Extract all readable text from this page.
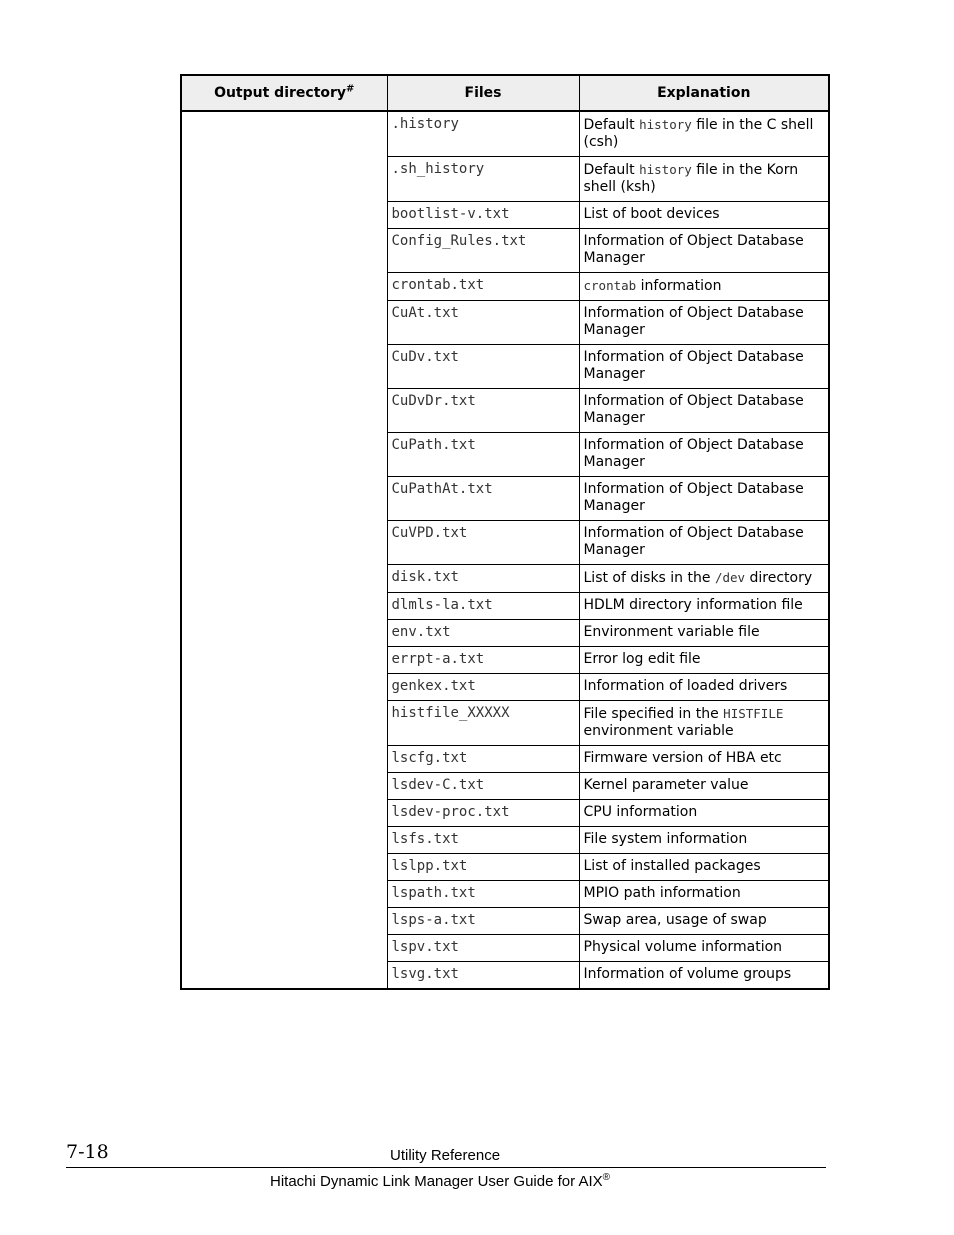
Output directory#	Files	Explanation
	.history	Default history file in the C shell (csh)
	.sh_history	Default history file in the Korn shell (ksh)
	bootlist-v.txt	List of boot devices
	Config_Rules.txt	Information of Object Database Manager
	crontab.txt	crontab information
	CuAt.txt	Information of Object Database Manager
	CuDv.txt	Information of Object Database Manager
	CuDvDr.txt	Information of Object Database Manager
	CuPath.txt	Information of Object Database Manager
	CuPathAt.txt	Information of Object Database Manager
	CuVPD.txt	Information of Object Database Manager
	disk.txt	List of disks in the /dev directory
	dlmls-la.txt	HDLM directory information file
	env.txt	Environment variable file
	errpt-a.txt	Error log edit file
	genkex.txt	Information of loaded drivers
	histfile_XXXXX	File specified in the HISTFILE environment variable
	lscfg.txt	Firmware version of HBA etc
	lsdev-C.txt	Kernel parameter value
	lsdev-proc.txt	CPU information
	lsfs.txt	File system information
	lslpp.txt	List of installed packages
	lspath.txt	MPIO path information
	lsps-a.txt	Swap area, usage of swap
	lspv.txt	Physical volume information
	lsvg.txt	Information of volume groups
7-18	Utility Reference
Hitachi Dynamic Link Manager User Guide for AIX®
